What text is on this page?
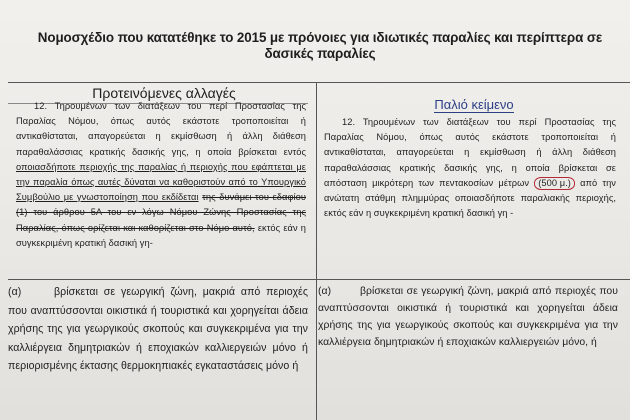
Νομοσχέδιο που κατατέθηκε το 2015 με πρόνοιες για ιδιωτικές παραλίες και περίπτερα σε δασικές παραλίες
Προτεινόμενες αλλαγές
Παλιό κείμενο
12. Τηρουμένων των διατάξεων του περί Προστασίας της Παραλίας Νόμου, όπως αυτός εκάστοτε τροποποιείται ή αντικαθίσταται, απαγορεύεται η εκμίσθωση ή άλλη διάθεση παραθαλάσσιας κρατικής δασικής γης, η οποία βρίσκεται εντός οποιασδήποτε περιοχής της παραλίας ή περιοχής που εφάπτεται με την παραλία όπως αυτές δύναται να καθοριστούν από το Υπουργικό Συμβούλιο με γνωστοποίηση που εκδίδεται της δυνάμει του εδαφίου (1) του άρθρου 5Α του εν λόγω Νόμου Ζώνης Προστασίας της Παραλίας, όπως ορίζεται και καθορίζεται στο Νόμο αυτό, εκτός εάν η συγκεκριμένη κρατική δασική γη-
12. Τηρουμένων των διατάξεων του περί Προστασίας της Παραλίας Νόμου, όπως αυτός εκάστοτε τροποποιείται ή αντικαθίσταται, απαγορεύεται η εκμίσθωση ή άλλη διάθεση παραθαλάσσιας κρατικής δασικής γης, η οποία βρίσκεται σε απόσταση μικρότερη των πεντακοσίων μέτρων (500 μ.) από την ανώτατη στάθμη πλημμύρας οποιασδήποτε παραλιακής περιοχής, εκτός εάν η συγκεκριμένη κρατική δασική γη -
(α)	βρίσκεται σε γεωργική ζώνη, μακριά από περιοχές που αναπτύσσονται οικιστικά ή τουριστικά και χορηγείται άδεια χρήσης της για γεωργικούς σκοπούς και συγκεκριμένα για την καλλιέργεια δημητριακών ή εποχιακών καλλιεργειών μόνο ή περιορισμένης έκτασης θερμοκηπιακές εγκαταστάσεις μόνο ή
(α)	βρίσκεται σε γεωργική ζώνη, μακριά από περιοχές που αναπτύσσονται οικιστικά ή τουριστικά και χορηγείται άδεια χρήσης της για γεωργικούς σκοπούς και συγκεκριμένα για την καλλιέργεια δημητριακών ή εποχιακών καλλιεργειών μόνο, ή
